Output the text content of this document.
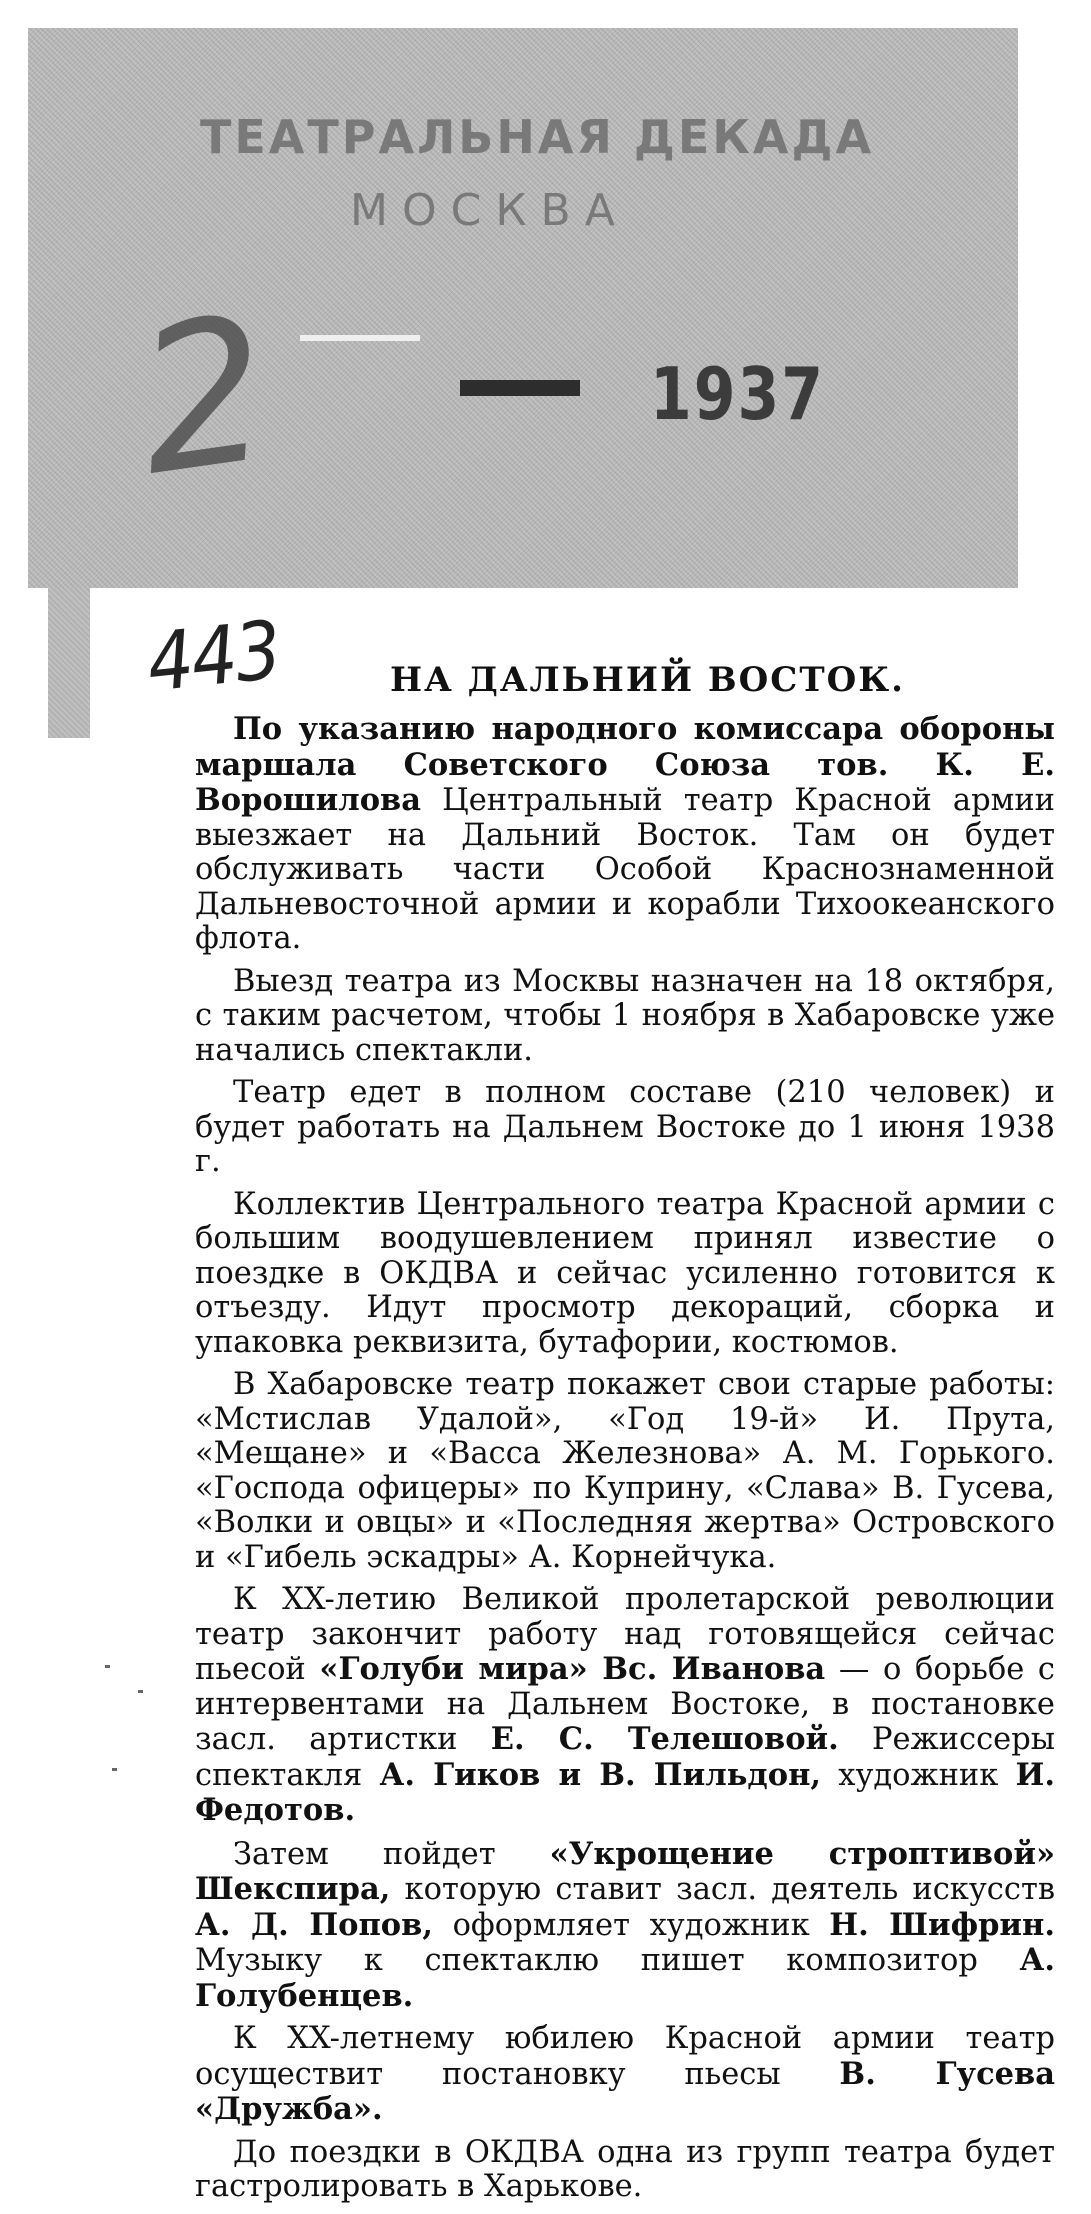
ТЕАТРАЛЬНАЯ ДЕКАДА
МОСКВА
2	1937
443	НА ДАЛЬНИЙ ВОСТОК.

По указанию народного комиссара обороны маршала Советского Союза тов. К. Е. Ворошилова Центральный театр Красной армии выезжает на Дальний Восток. Там он будет обслуживать части Особой Краснознаменной Дальневосточной армии и корабли Тихоокеанского флота.

Выезд театра из Москвы назначен на 18 октября, с таким расчетом, чтобы 1 ноября в Хабаровске уже начались спектакли.

Театр едет в полном составе (210 человек) и будет работать на Дальнем Востоке до 1 июня 1938 г.

Коллектив Центрального театра Красной армии с большим воодушевлением принял известие о поездке в ОКДВА и сейчас усиленно готовится к отъезду. Идут просмотр декораций, сборка и упаковка реквизита, бутафории, костюмов.

В Хабаровске театр покажет свои старые работы: «Мстислав Удалой», «Год 19-й» И. Прута, «Мещане» и «Васса Железнова» А. М. Горького. «Господа офицеры» по Куприну, «Слава» В. Гусева, «Волки и овцы» и «Последняя жертва» Островского и «Гибель эскадры» А. Корнейчука.

К XX-летию Великой пролетарской революции театр закончит работу над готовящейся сейчас пьесой «Голуби мира» Вс. Иванова — о борьбе с интервентами на Дальнем Востоке, в постановке засл. артистки Е. С. Телешовой. Режиссеры спектакля А. Гиков и В. Пильдон, художник И. Федотов.

Затем пойдет «Укрощение строптивой» Шекспира, которую ставит засл. деятель искусств А. Д. Попов, оформляет художник Н. Шифрин. Музыку к спектаклю пишет композитор А. Голубенцев.

К XX-летнему юбилею Красной армии театр осуществит постановку пьесы В. Гусева «Дружба».

До поездки в ОКДВА одна из групп театра будет гастролировать в Харькове.
